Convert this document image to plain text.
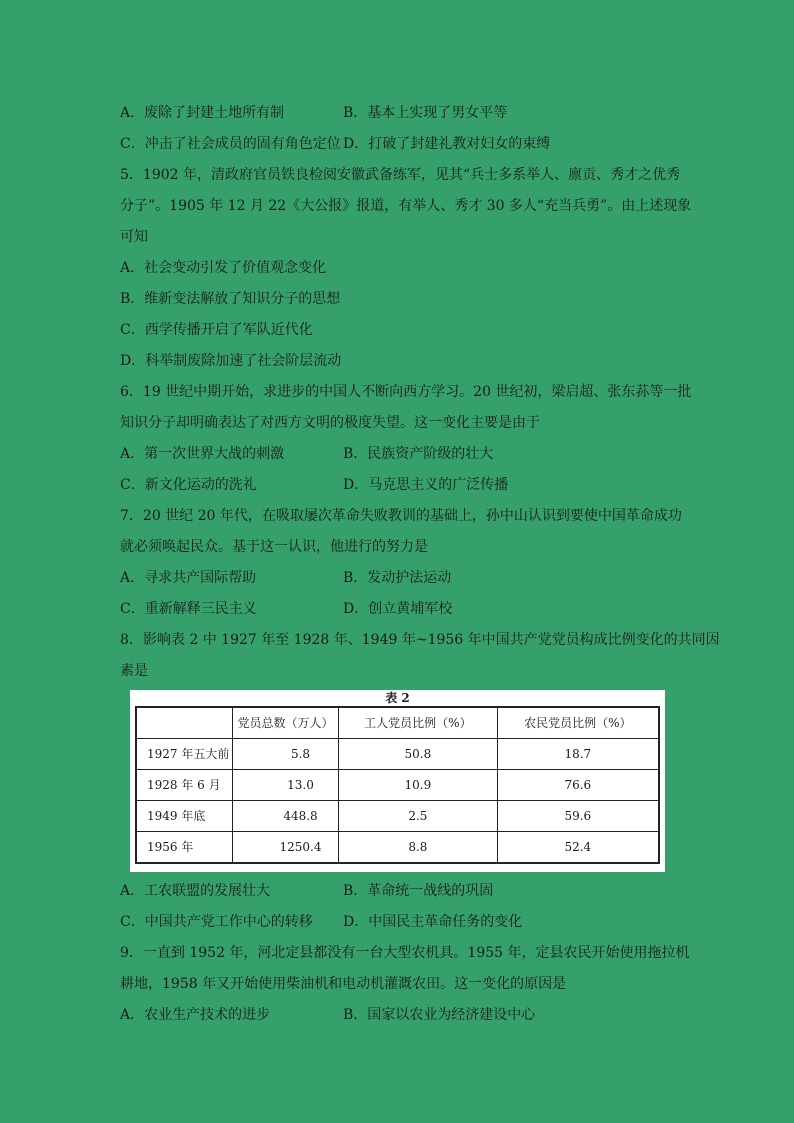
A．废除了封建土地所有制	B．基本上实现了男女平等
C．冲击了社会成员的固有角色定位 D．打破了封建礼教对妇女的束缚
5．1902 年，清政府官员铁良检阅安徽武备练军，见其“兵士多系举人、廪贡、秀才之优秀
分子”。1905 年 12 月 22《大公报》报道，有举人、秀才 30 多人“充当兵勇”。由上述现象
可知
A．社会变动引发了价值观念变化
B．维新变法解放了知识分子的思想
C．西学传播开启了军队近代化
D．科举制废除加速了社会阶层流动
6．19 世纪中期开始，求进步的中国人不断向西方学习。20 世纪初，梁启超、张东荪等一批
知识分子却明确表达了对西方文明的极度失望。这一变化主要是由于
A．第一次世界大战的刺激	B．民族资产阶级的壮大
C．新文化运动的洗礼	D．马克思主义的广泛传播
7．20 世纪 20 年代，在吸取屡次革命失败教训的基础上，孙中山认识到要使中国革命成功
就必须唤起民众。基于这一认识，他进行的努力是
A．寻求共产国际帮助	B．发动护法运动
C．重新解释三民主义	D．创立黄埔军校
8．影响表 2 中 1927 年至 1928 年、1949 年~1956 年中国共产党党员构成比例变化的共同因
素是
表 2
	党员总数（万人）	工人党员比例（%）	农民党员比例（%）
1927 年五大前	5.8	50.8	18.7
1928 年 6 月	13.0	10.9	76.6
1949 年底	448.8	2.5	59.6
1956 年	1250.4	8.8	52.4
A．工农联盟的发展壮大	B．革命统一战线的巩固
C．中国共产党工作中心的转移	D．中国民主革命任务的变化
9．一直到 1952 年，河北定县都没有一台大型农机具。1955 年，定县农民开始使用拖拉机
耕地，1958 年又开始使用柴油机和电动机灌溉农田。这一变化的原因是
A．农业生产技术的进步	B．国家以农业为经济建设中心
